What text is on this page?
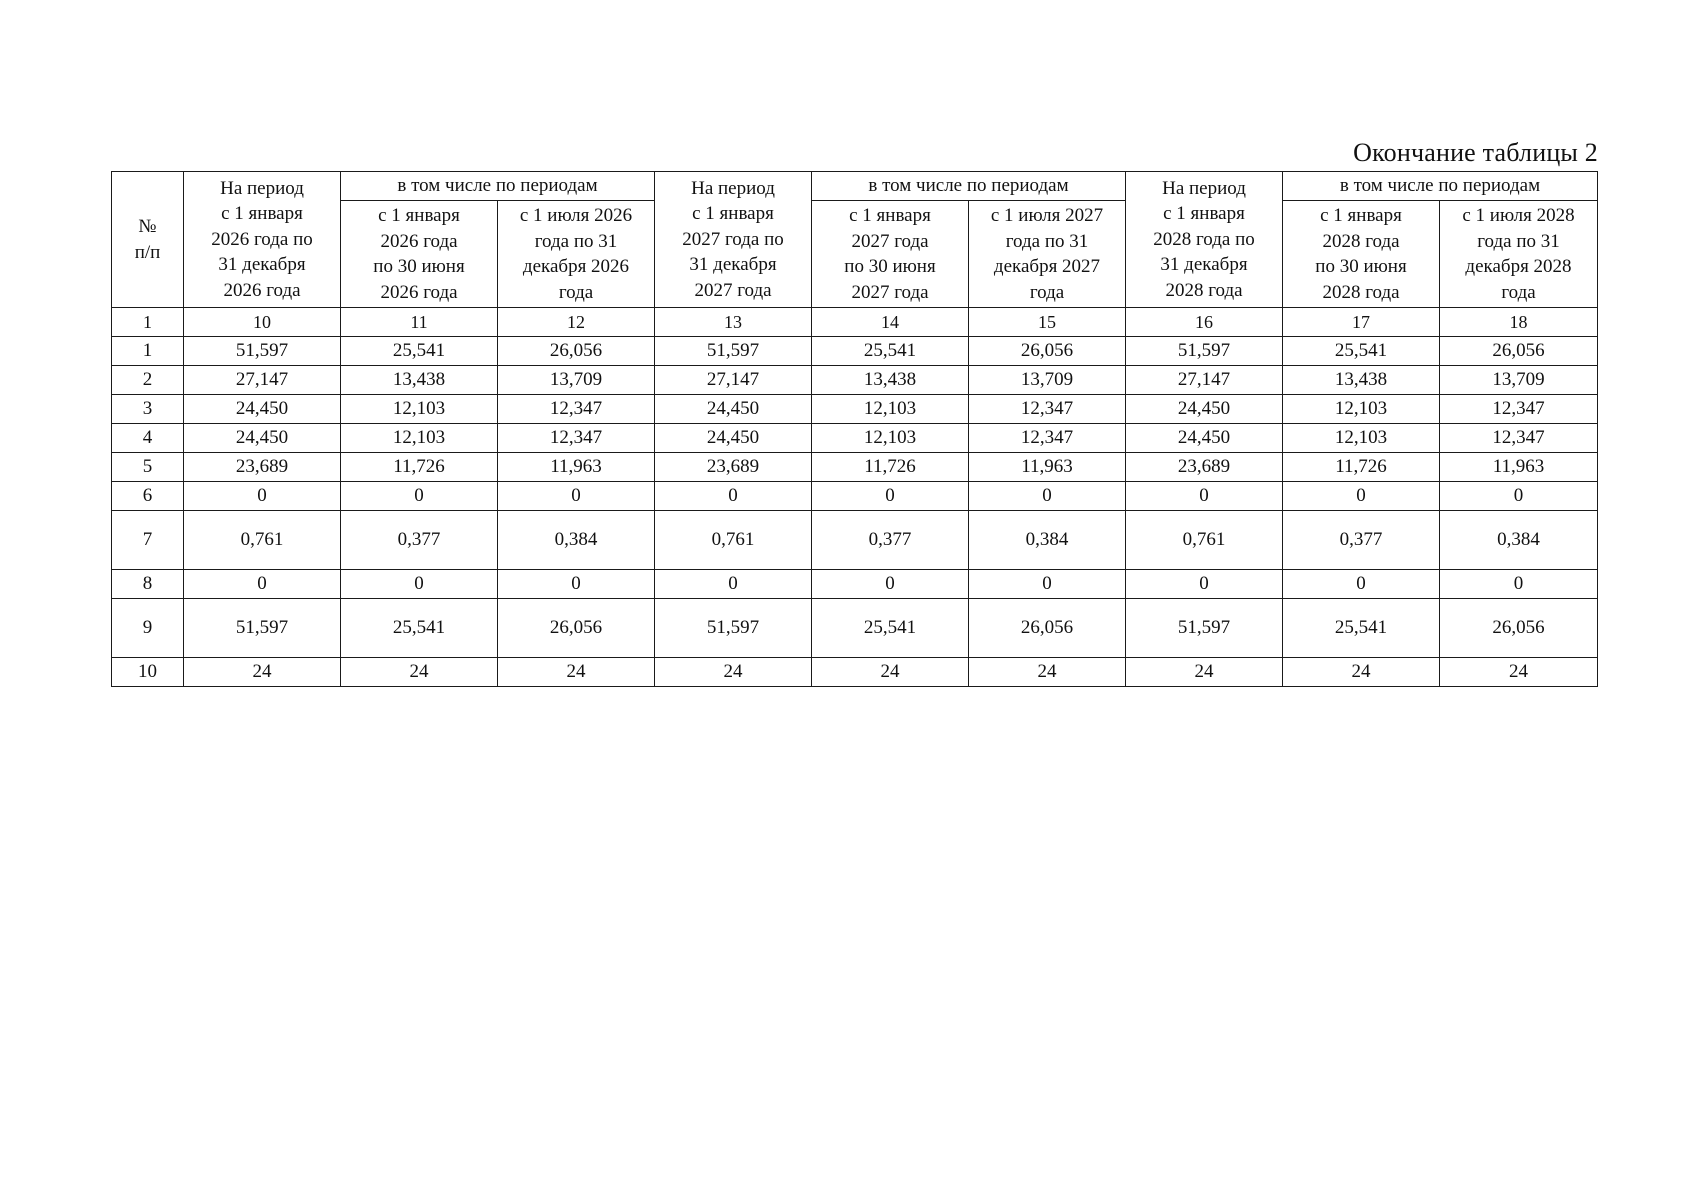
Окончание таблицы 2
№
п/п	На период
с 1 января
2026 года по
31 декабря
2026 года	в том числе по периодам		На период
с 1 января
2027 года по
31 декабря
2027 года	в том числе по периодам		На период
с 1 января
2028 года по
31 декабря
2028 года	в том числе по периодам	
		с 1 января
2026 года
по 30 июня
2026 года	с 1 июля 2026
года по 31
декабря 2026
года		с 1 января
2027 года
по 30 июня
2027 года	с 1 июля 2027
года по 31
декабря 2027
года		с 1 января
2028 года
по 30 июня
2028 года	с 1 июля 2028
года по 31
декабря 2028
года
1	10	11	12	13	14	15	16	17	18
1	51,597	25,541	26,056	51,597	25,541	26,056	51,597	25,541	26,056
2	27,147	13,438	13,709	27,147	13,438	13,709	27,147	13,438	13,709
3	24,450	12,103	12,347	24,450	12,103	12,347	24,450	12,103	12,347
4	24,450	12,103	12,347	24,450	12,103	12,347	24,450	12,103	12,347
5	23,689	11,726	11,963	23,689	11,726	11,963	23,689	11,726	11,963
6	0	0	0	0	0	0	0	0	0
7	0,761	0,377	0,384	0,761	0,377	0,384	0,761	0,377	0,384
8	0	0	0	0	0	0	0	0	0
9	51,597	25,541	26,056	51,597	25,541	26,056	51,597	25,541	26,056
10	24	24	24	24	24	24	24	24	24
